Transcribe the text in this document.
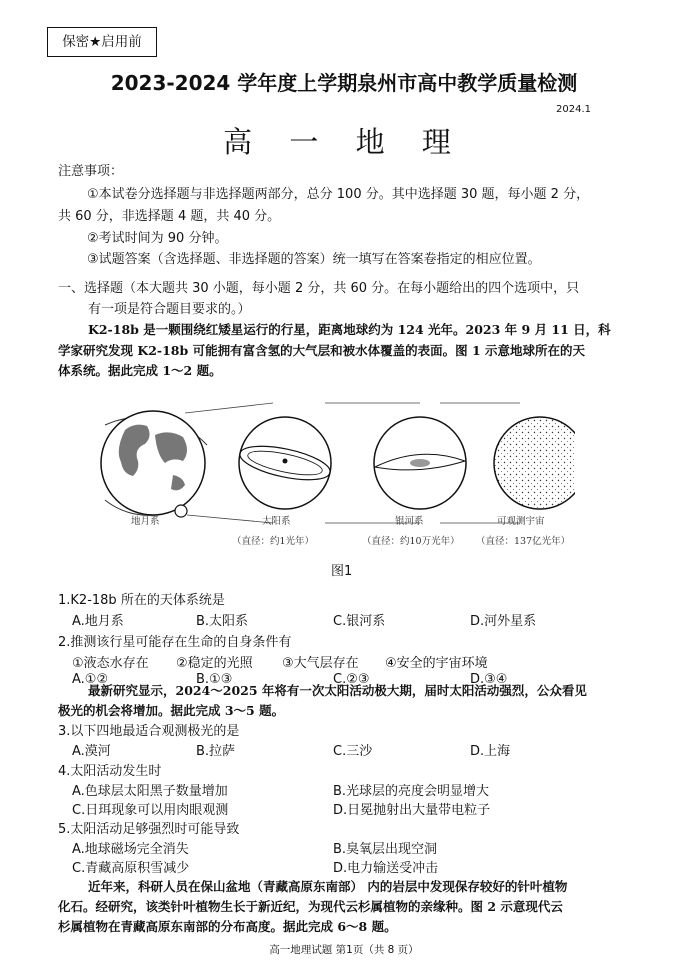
保密★启用前
2023-2024 学年度上学期泉州市高中教学质量检测
2024.1
高 一 地 理
注意事项：
①本试卷分选择题与非选择题两部分，总分 100 分。其中选择题 30 题，每小题 2 分，
共 60 分，非选择题 4 题，共 40 分。
②考试时间为 90 分钟。
③试题答案（含选择题、非选择题的答案）统一填写在答案卷指定的相应位置。
一、选择题（本大题共 30 小题，每小题 2 分，共 60 分。在每小题给出的四个选项中，只
有一项是符合题目要求的。）
K2-18b 是一颗围绕红矮星运行的行星，距离地球约为 124 光年。2023 年 9 月 11 日，科
学家研究发现 K2-18b 可能拥有富含氢的大气层和被水体覆盖的表面。图 1 示意地球所在的天
体系统。据此完成 1～2 题。
地月系	太阳系	银河系	可观测宇宙
（直径：约1光年）	（直径：约10万光年） （直径：137亿光年）
图1
1.K2-18b 所在的天体系统是
A.地月系	B.太阳系	C.银河系	D.河外星系
2.推测该行星可能存在生命的自身条件有
①液态水存在 ②稳定的光照 ③大气层存在 ④安全的宇宙环境
A.①②	B.①③	C.②③	D.③④
最新研究显示，2024～2025 年将有一次太阳活动极大期，届时太阳活动强烈，公众看见
极光的机会将增加。据此完成 3～5 题。
3.以下四地最适合观测极光的是
A.漠河	B.拉萨	C.三沙	D.上海
4.太阳活动发生时
A.色球层太阳黑子数量增加	B.光球层的亮度会明显增大
C.日珥现象可以用肉眼观测	D.日冕抛射出大量带电粒子
5.太阳活动足够强烈时可能导致
A.地球磁场完全消失	B.臭氧层出现空洞
C.青藏高原积雪减少	D.电力输送受冲击
近年来，科研人员在保山盆地（青藏高原东南部） 内的岩层中发现保存较好的针叶植物
化石。经研究，该类针叶植物生长于新近纪，为现代云杉属植物的亲缘种。图 2 示意现代云
杉属植物在青藏高原东南部的分布高度。据此完成 6～8 题。
高一地理试题 第1页（共 8 页）
